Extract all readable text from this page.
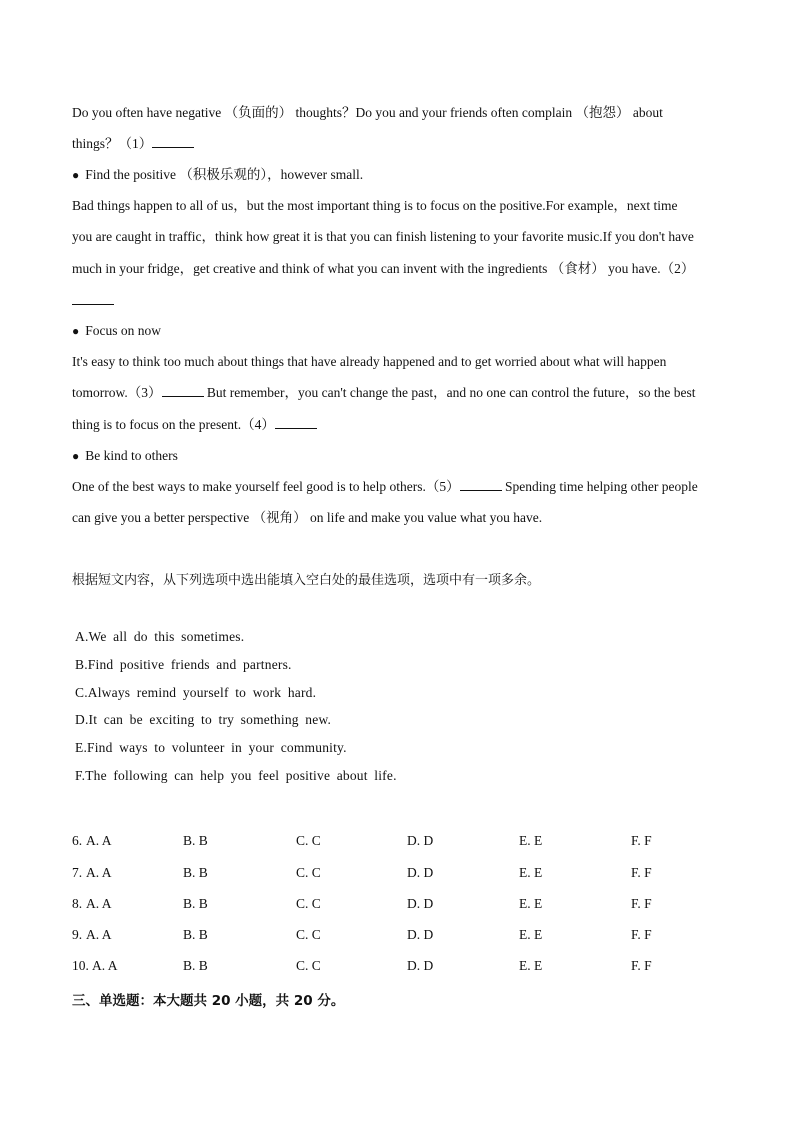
Do you often have negative （负面的） thoughts？Do you and your friends often complain （抱怨） about
things？（1）
● Find the positive （积极乐观的），however small.
Bad things happen to all of us，but the most important thing is to focus on the positive.For example，next time
you are caught in traffic，think how great it is that you can finish listening to your favorite music.If you don't have
much in your fridge，get creative and think of what you can invent with the ingredients （食材） you have.（2）
● Focus on now
It's easy to think too much about things that have already happened and to get worried about what will happen
tomorrow.（3）	But remember，you can't change the past，and no one can control the future，so the best
thing is to focus on the present.（4）
● Be kind to others
One of the best ways to make yourself feel good is to help others.（5）	Spending time helping other people
can give you a better perspective （视角） on life and make you value what you have.
根据短文内容，从下列选项中选出能填入空白处的最佳选项，选项中有一项多余。
A.We all do this sometimes.
B.Find positive friends and partners.
C.Always remind yourself to work hard.
D.It can be exciting to try something new.
E.Find ways to volunteer in your community.
F.The following can help you feel positive about life.
6. A. A	B. B	C. C	D. D	E. E	F. F
7. A. A	B. B	C. C	D. D	E. E	F. F
8. A. A	B. B	C. C	D. D	E. E	F. F
9. A. A	B. B	C. C	D. D	E. E	F. F
10. A. A	B. B	C. C	D. D	E. E	F. F
三、单选题：本大题共 20 小题，共 20 分。
